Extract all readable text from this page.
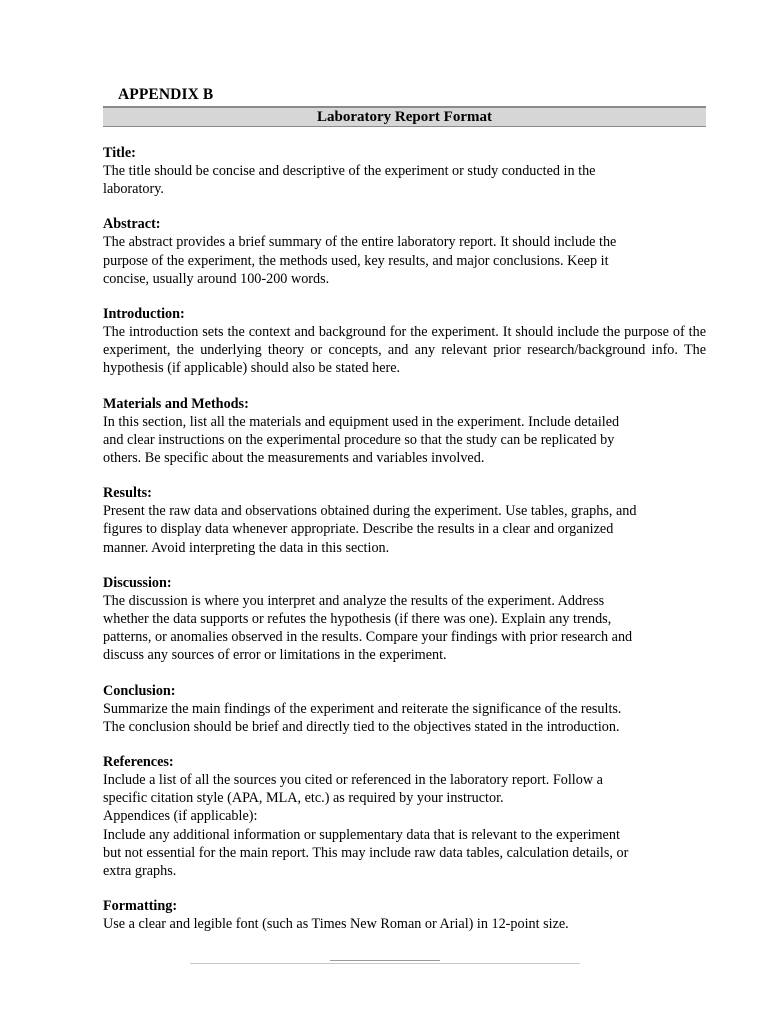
APPENDIX B
Laboratory Report Format
Title:

The title should be concise and descriptive of the experiment or study conducted in the

laboratory.

Abstract:

The abstract provides a brief summary of the entire laboratory report. It should include the

purpose of the experiment, the methods used, key results, and major conclusions. Keep it

concise, usually around 100-200 words.

Introduction:

The introduction sets the context and background for the experiment. It should include the purpose of the experiment, the underlying theory or concepts, and any relevant prior research/background info. The hypothesis (if applicable) should also be stated here.

Materials and Methods:

In this section, list all the materials and equipment used in the experiment. Include detailed

and clear instructions on the experimental procedure so that the study can be replicated by

others. Be specific about the measurements and variables involved.

Results:

Present the raw data and observations obtained during the experiment. Use tables, graphs, and

figures to display data whenever appropriate. Describe the results in a clear and organized

manner. Avoid interpreting the data in this section.

Discussion:

The discussion is where you interpret and analyze the results of the experiment. Address

whether the data supports or refutes the hypothesis (if there was one). Explain any trends,

patterns, or anomalies observed in the results. Compare your findings with prior research and

discuss any sources of error or limitations in the experiment.

Conclusion:

Summarize the main findings of the experiment and reiterate the significance of the results.

The conclusion should be brief and directly tied to the objectives stated in the introduction.

References:

Include a list of all the sources you cited or referenced in the laboratory report. Follow a

specific citation style (APA, MLA, etc.) as required by your instructor.

Appendices (if applicable):

Include any additional information or supplementary data that is relevant to the experiment

but not essential for the main report. This may include raw data tables, calculation details, or

extra graphs.

Formatting:

Use a clear and legible font (such as Times New Roman or Arial) in 12-point size.
